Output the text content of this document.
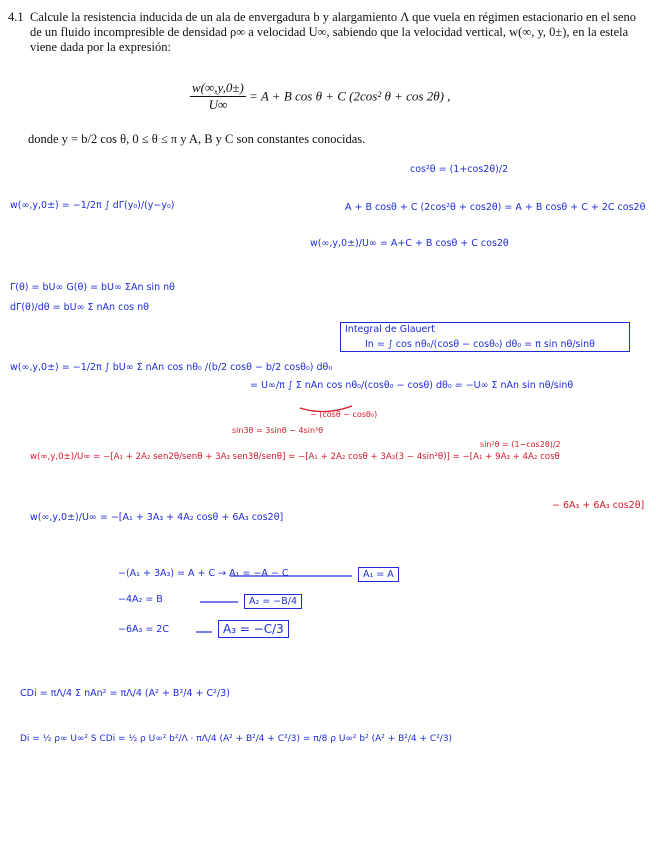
4.1 Calcule la resistencia inducida de un ala de envergadura b y alargamiento Λ que vuela en régimen estacionario en el seno de un fluido incompresible de densidad ρ∞ a velocidad U∞, sabiendo que la velocidad vertical, w(∞, y, 0±), en la estela viene dada por la expresión:
$\frac{w(\infty,y,0\pm)}{U\infty} = A + B$ cos θ + C (2cos² θ + cos 2θ) ,
donde y = b/2 cos θ, 0 ≤ θ ≤ π y A, B y C son constantes conocidas.
cos²θ = (1+cos2θ)/2
w(∞,y,0±) = −1/2π ∫ dΓ(y₀)/(y−y₀)	A + B cosθ + C (2cos²θ + cos2θ) = A + B cosθ + C + 2C cos2θ
w(∞,y,0±)/U∞ = A+C + B cosθ + C cos2θ
Γ(θ) = bU∞ G(θ) = bU∞ ΣAn sin nθ
dΓ(θ)/dθ = bU∞ Σ nAn cos nθ
Integral de Glauert
In = ∫ cos nθ₀/(cosθ − cosθ₀) dθ₀ = π sin nθ/sinθ
w(∞,y,0±) = −1/2π ∫ bU∞ Σ nAn cos nθ₀ /(b/2 cosθ − b/2 cosθ₀) dθ₀
= U∞/π ∫ Σ nAn cos nθ₀/(cosθ₀ − cosθ) dθ₀ = −U∞ Σ nAn sin nθ/sinθ
− (cosθ − cosθ₀)
sin3θ = 3sinθ − 4sin³θ
sin²θ = (1−cos2θ)/2
w(∞,y,0±)/U∞ = −[A₁ + 2A₂ sen2θ/senθ + 3A₃ sen3θ/senθ] = −[A₁ + 2A₂ cosθ + 3A₃(3 − 4sin²θ)] = −[A₁ + 9A₃ + 4A₂ cosθ
− 6A₃ + 6A₃ cos2θ]
w(∞,y,0±)/U∞ = −[A₁ + 3A₃ + 4A₂ cosθ + 6A₃ cos2θ]
−(A₁ + 3A₃) = A + C → A₁ = −A − C	A₁ = A
−4A₂ = B	A₂ = −B/4
−6A₃ = 2C	A₃ = −C/3
CDi = πΛ/4 Σ nAn² = πΛ/4 (A² + B²/4 + C²/3)
Di = ½ ρ∞ U∞² S CDi = ½ ρ U∞² b²/Λ · πΛ/4 (A² + B²/4 + C²/3) = π/8 ρ U∞² b² (A² + B²/4 + C²/3)
